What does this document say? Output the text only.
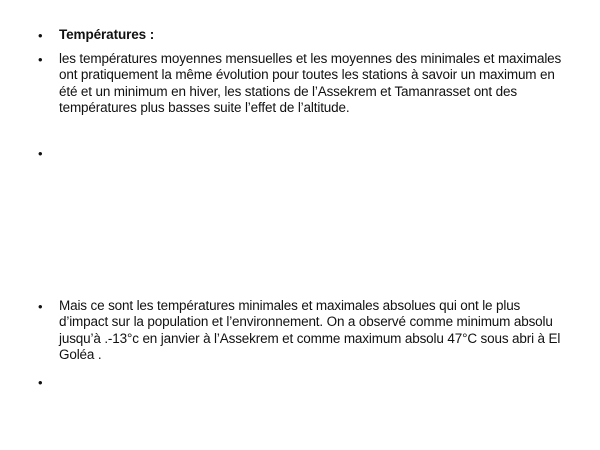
•	Températures :
•	les températures moyennes mensuelles et les moyennes des minimales et maximales ont pratiquement la même évolution pour toutes les stations à savoir un maximum en été et un minimum en hiver, les stations de l’Assekrem et Tamanrasset ont des températures plus basses suite l’effet de l’altitude.
•
•	Mais ce sont les températures minimales et maximales absolues qui ont le plus d’impact sur la population et l’environnement. On a observé comme minimum absolu jusqu’à .-13°c en janvier à l’Assekrem et comme maximum absolu 47°C sous abri à El Goléa .
•
